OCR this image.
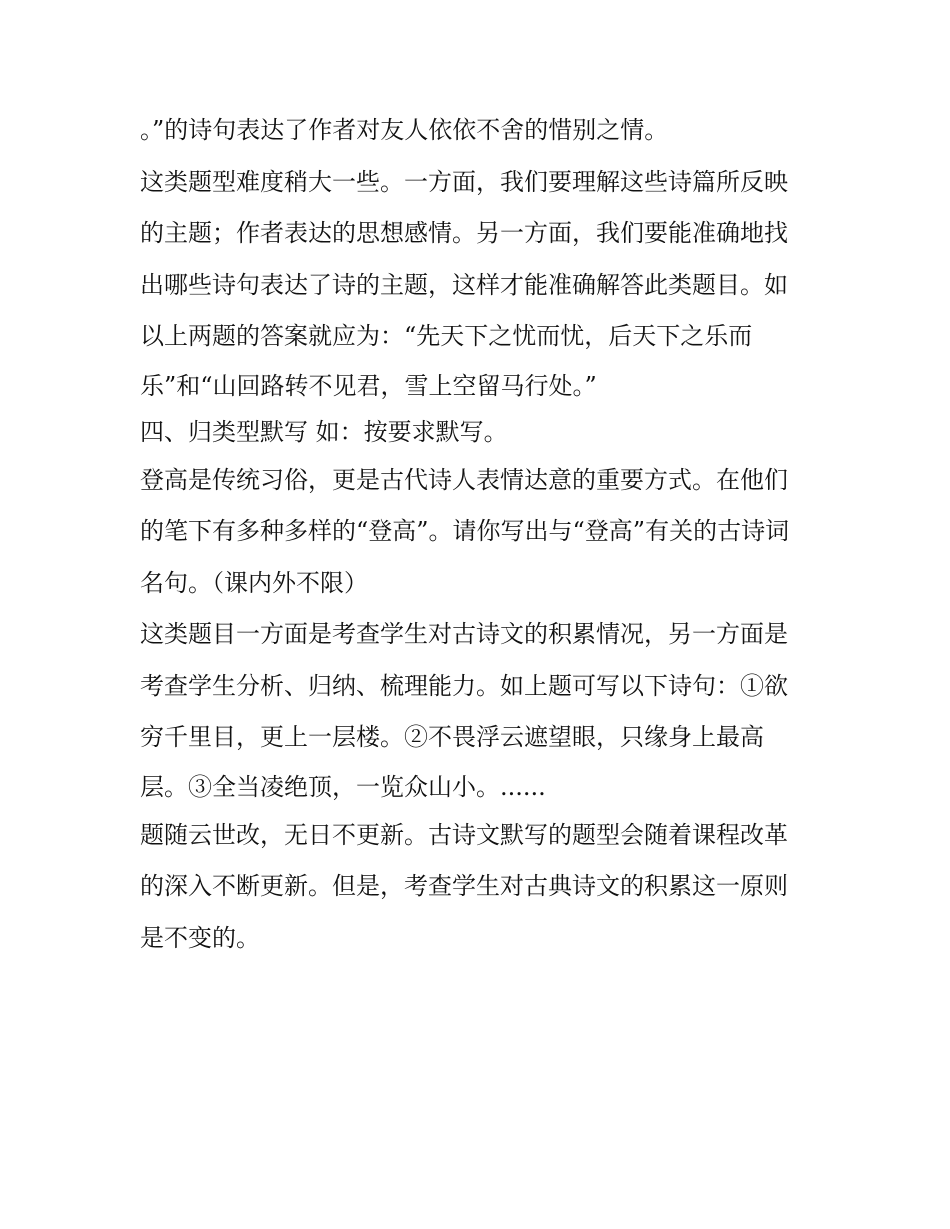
。”的诗句表达了作者对友人依依不舍的惜别之情。
这类题型难度稍大一些。一方面，我们要理解这些诗篇所反映
的主题；作者表达的思想感情。另一方面，我们要能准确地找
出哪些诗句表达了诗的主题，这样才能准确解答此类题目。如
以上两题的答案就应为：“先天下之忧而忧，后天下之乐而
乐”和“山回路转不见君，雪上空留马行处。”
四、归类型默写 如：按要求默写。
登高是传统习俗，更是古代诗人表情达意的重要方式。在他们
的笔下有多种多样的“登高”。请你写出与“登高”有关的古诗词
名句。（课内外不限）
这类题目一方面是考查学生对古诗文的积累情况，另一方面是
考查学生分析、归纳、梳理能力。如上题可写以下诗句：①欲
穷千里目，更上一层楼。②不畏浮云遮望眼，只缘身上最高
层。③全当凌绝顶，一览众山小。......
题随云世改，无日不更新。古诗文默写的题型会随着课程改革
的深入不断更新。但是，考查学生对古典诗文的积累这一原则
是不变的。
